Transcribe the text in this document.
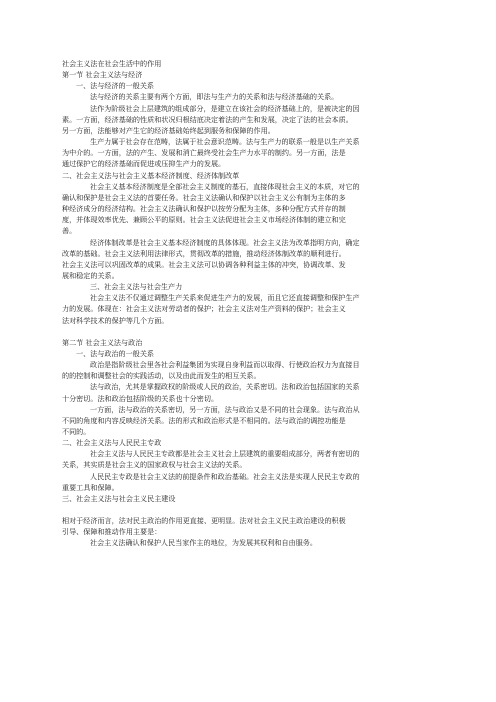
社会主义法在社会生活中的作用

第一节 社会主义法与经济

一、法与经济的一般关系

法与经济的关系主要有两个方面，即法与生产力的关系和法与经济基础的关系。

法作为阶级社会上层建筑的组成部分，是建立在该社会的经济基础上的，是被决定的因

素。一方面，经济基础的性质和状况归根结底决定着法的产生和发展，决定了法的社会本质。

另一方面，法能够对产生它的经济基础始终起到服务和保障的作用。

生产力属于社会存在范畴，法属于社会意识范畴。法与生产力的联系一般是以生产关系

为中介的。一方面，法的产生、发展和消亡最终受社会生产力水平的制约。另一方面，法是

通过保护它的经济基础而促进或压抑生产力的发展。

二、社会主义法与社会主义基本经济制度、经济体制改革

社会主义基本经济制度是全部社会主义制度的基石，直接体现社会主义的本质，对它的

确认和保护是社会主义法的首要任务。社会主义法确认和保护以社会主义公有制为主体的多

种经济成分的经济结构。社会主义法确认和保护以按劳分配为主体，多种分配方式并存的制

度，并体现效率优先、兼顾公平的原则。社会主义法促进社会主义市场经济体制的建立和完

善。

经济体制改革是社会主义基本经济制度的具体体现。社会主义法为改革指明方向，确定

改革的基础。社会主义法利用法律形式，贯彻改革的措施，推动经济体制改革的顺利进行。

社会主义法可以巩固改革的成果。社会主义法可以协调各种利益主体的冲突，协调改革、发

展和稳定的关系。

三、社会主义法与社会生产力

社会主义法不仅通过调整生产关系来促进生产力的发展，而且它还直接调整和保护生产

力的发展。体现在：社会主义法对劳动者的保护；社会主义法对生产资料的保护；社会主义

法对科学技术的保护等几个方面。

第二节 社会主义法与政治

一、法与政治的一般关系

政治是指阶级社会里各社会利益集团为实现自身利益而以取得、行使政治权力为直接目

的的控制和调整社会的实践活动，以及由此而发生的相互关系。

法与政治，尤其是掌握政权的阶级或人民的政治，关系密切。法和政治包括国家的关系

十分密切。法和政治包括阶级的关系也十分密切。

一方面，法与政治的关系密切，另一方面，法与政治又是不同的社会现象。法与政治从

不同的角度和内容反映经济关系。法的形式和政治形式是不相同的。法与政治的调控功能是

不同的。

二、社会主义法与人民民主专政

社会主义法与人民民主专政都是社会主义社会上层建筑的重要组成部分，两者有密切的

关系，其实质是社会主义的国家政权与社会主义法的关系。

人民民主专政是社会主义法的前提条件和政治基础。社会主义法是实现人民民主专政的

重要工具和保障。

三、社会主义法与社会主义民主建设

相对于经济而言，法对民主政治的作用更直接、更明显。法对社会主义民主政治建设的积极

引导、保障和推动作用主要是：

社会主义法确认和保护人民当家作主的地位，为发展其权利和自由服务。
